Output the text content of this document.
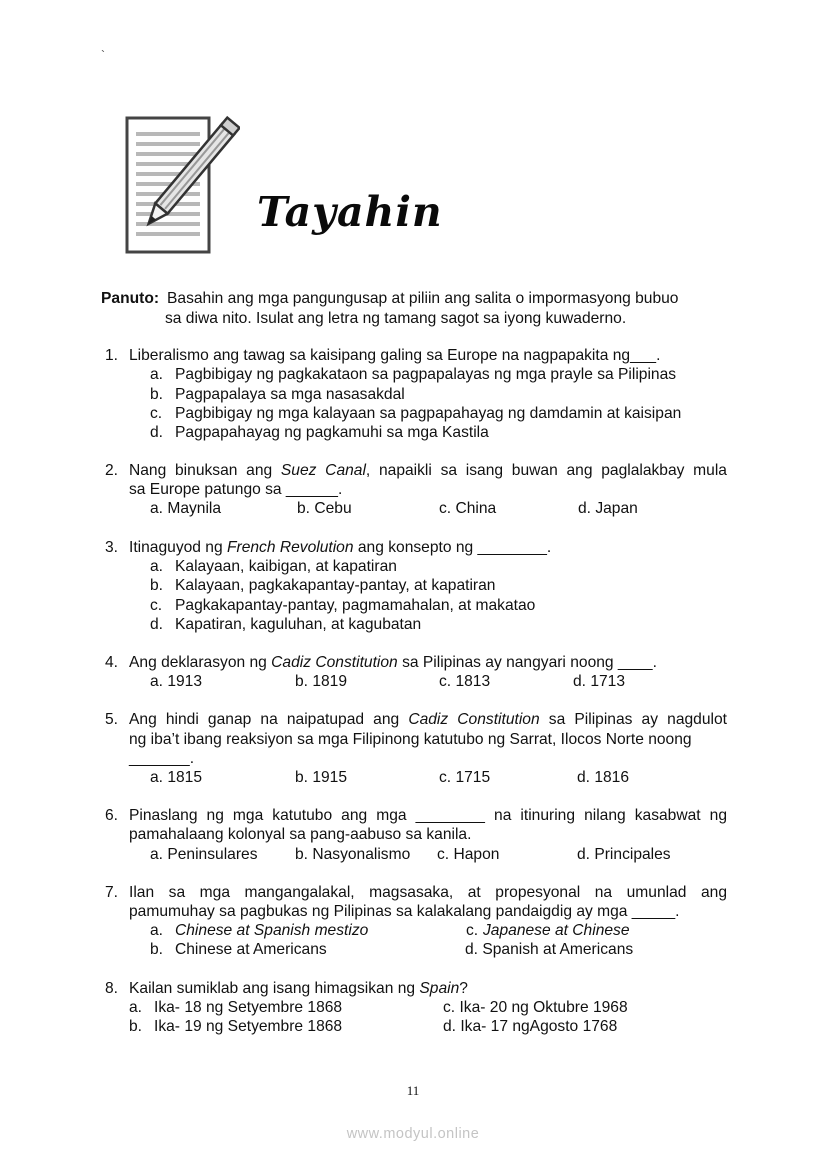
`
Tayahin
Panuto: Basahin ang mga pangungusap at piliin ang salita o impormasyong bubuo
sa diwa nito. Isulat ang letra ng tamang sagot sa iyong kuwaderno.
1. Liberalismo ang tawag sa kaisipang galing sa Europe na nagpapakita ng___.
a. Pagbibigay ng pagkakataon sa pagpapalayas ng mga prayle sa Pilipinas
b. Pagpapalaya sa mga nasasakdal
c. Pagbibigay ng mga kalayaan sa pagpapahayag ng damdamin at kaisipan
d. Pagpapahayag ng pagkamuhi sa mga Kastila
2. Nang binuksan ang Suez Canal, napaikli sa isang buwan ang paglalakbay mula
sa Europe patungo sa ______.
a. Maynila	b. Cebu	c. China	d. Japan
3. Itinaguyod ng French Revolution ang konsepto ng ________.
a. Kalayaan, kaibigan, at kapatiran
b. Kalayaan, pagkakapantay-pantay, at kapatiran
c. Pagkakapantay-pantay, pagmamahalan, at makatao
d. Kapatiran, kaguluhan, at kagubatan
4. Ang deklarasyon ng Cadiz Constitution sa Pilipinas ay nangyari noong ____.
a. 1913	b. 1819	c. 1813	d. 1713
5. Ang hindi ganap na naipatupad ang Cadiz Constitution sa Pilipinas ay nagdulot
ng iba’t ibang reaksiyon sa mga Filipinong katutubo ng Sarrat, Ilocos Norte noong
_______.
a. 1815	b. 1915	c. 1715	d. 1816
6. Pinaslang ng mga katutubo ang mga ________ na itinuring nilang kasabwat ng
pamahalaang kolonyal sa pang-aabuso sa kanila.
a. Peninsulares b. Nasyonalismo c. Hapon	d. Principales
7. Ilan sa mga mangangalakal, magsasaka, at propesyonal na umunlad ang
pamumuhay sa pagbukas ng Pilipinas sa kalakalang pandaigdig ay mga _____.
a. Chinese at Spanish mestizo	c. Japanese at Chinese
b. Chinese at Americans	d. Spanish at Americans
8. Kailan sumiklab ang isang himagsikan ng Spain?
a. Ika- 18 ng Setyembre 1868	c. Ika- 20 ng Oktubre 1968
b. Ika- 19 ng Setyembre 1868	d. Ika- 17 ngAgosto 1768
11
www.modyul.online
